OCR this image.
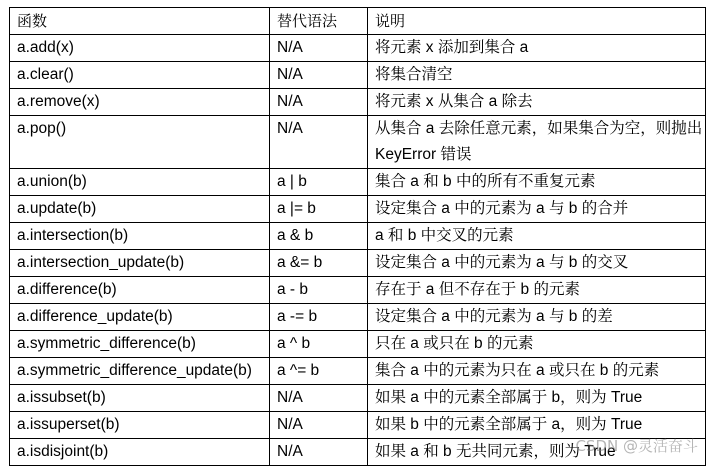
函数	替代语法	说明
a.add(x)	N/A	将元素 x 添加到集合 a
a.clear()	N/A	将集合清空
a.remove(x)	N/A	将元素 x 从集合 a 除去
a.pop()	N/A	从集合 a 去除任意元素，如果集合为空，则抛出 KeyError 错误
a.union(b)	a | b	集合 a 和 b 中的所有不重复元素
a.update(b)	a |= b	设定集合 a 中的元素为 a 与 b 的合并
a.intersection(b)	a & b	a 和 b 中交叉的元素
a.intersection_update(b)	a &= b	设定集合 a 中的元素为 a 与 b 的交叉
a.difference(b)	a - b	存在于 a 但不存在于 b 的元素
a.difference_update(b)	a -= b	设定集合 a 中的元素为 a 与 b 的差
a.symmetric_difference(b)	a ^ b	只在 a 或只在 b 的元素
a.symmetric_difference_update(b)	a ^= b	集合 a 中的元素为只在 a 或只在 b 的元素
a.issubset(b)	N/A	如果 a 中的元素全部属于 b，则为 True
a.issuperset(b)	N/A	如果 b 中的元素全部属于 a，则为 True
a.isdisjoint(b)	N/A	如果 a 和 b 无共同元素，则为 True
CSDN @灵活奋斗
